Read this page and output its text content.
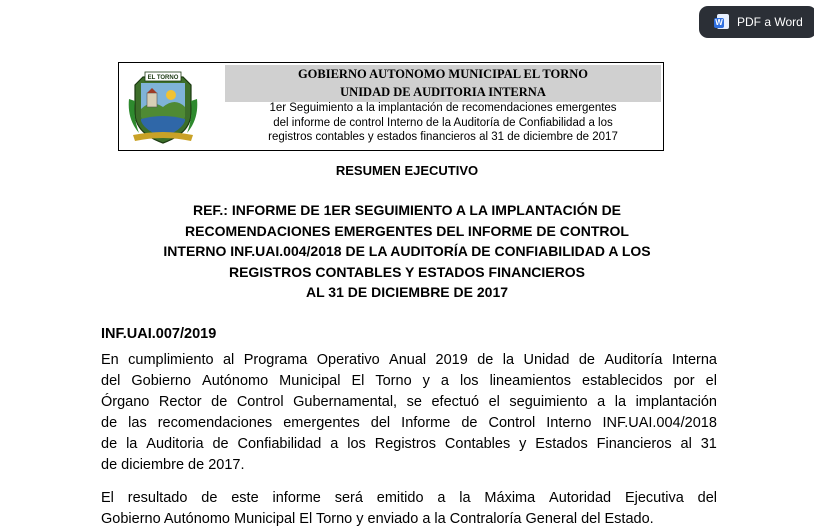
W PDF a Word
EL TORNO	GOBIERNO AUTONOMO MUNICIPAL EL TORNO
UNIDAD DE AUDITORIA INTERNA
1er Seguimiento a la implantación de recomendaciones emergentes
del informe de control Interno de la Auditoría de Confiabilidad a los
registros contables y estados financieros al 31 de diciembre de 2017
RESUMEN EJECUTIVO
REF.: INFORME DE 1ER SEGUIMIENTO A LA IMPLANTACIÓN DE
RECOMENDACIONES EMERGENTES DEL INFORME DE CONTROL
INTERNO INF.UAI.004/2018 DE LA AUDITORÍA DE CONFIABILIDAD A LOS
REGISTROS CONTABLES Y ESTADOS FINANCIEROS
AL 31 DE DICIEMBRE DE 2017
INF.UAI.007/2019
En cumplimiento al Programa Operativo Anual 2019 de la Unidad de Auditoría Interna
del Gobierno Autónomo Municipal El Torno y a los lineamientos establecidos por el
Órgano Rector de Control Gubernamental, se efectuó el seguimiento a la implantación
de las recomendaciones emergentes del Informe de Control Interno INF.UAI.004/2018
de la Auditoria de Confiabilidad a los Registros Contables y Estados Financieros al 31
de diciembre de 2017.
El resultado de este informe será emitido a la Máxima Autoridad Ejecutiva del
Gobierno Autónomo Municipal El Torno y enviado a la Contraloría General del Estado.
